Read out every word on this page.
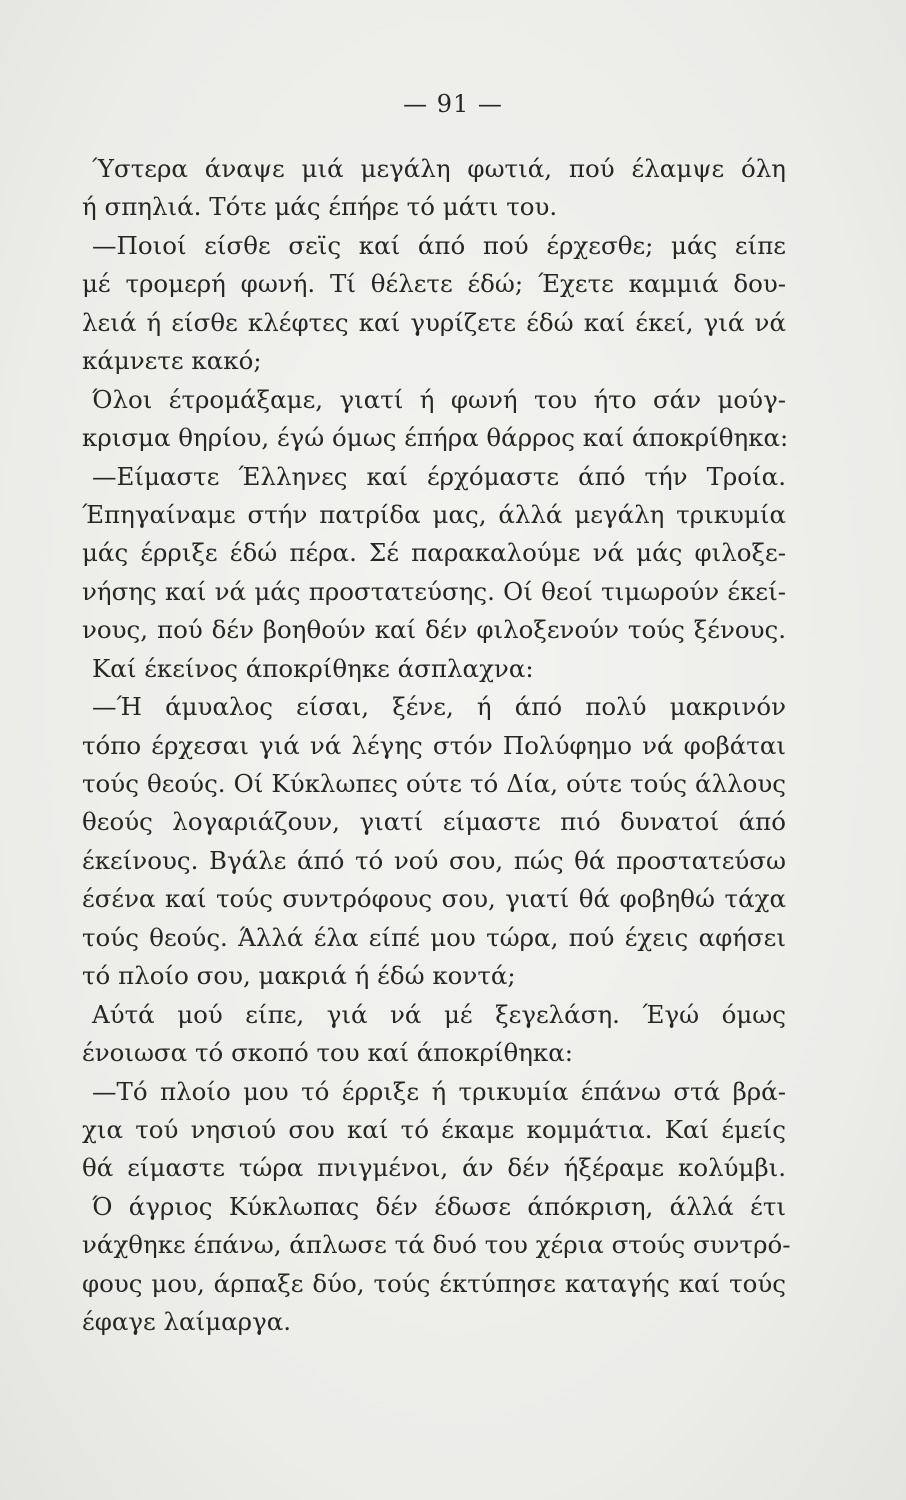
— 91 —
Ύστερα άναψε μιά μεγάλη φωτιά, πού έλαμψε όλη
ή σπηλιά. Τότε μάς έπήρε τό μάτι του.
—Ποιοί είσθε σεϊς καί άπό πού έρχεσθε; μάς είπε
μέ τρομερή φωνή. Τί θέλετε έδώ; Έχετε καμμιά δου-
λειά ή είσθε κλέφτες καί γυρίζετε έδώ καί έκεί, γιά νά
κάμνετε κακό;
Όλοι έτρομάξαμε, γιατί ή φωνή του ήτο σάν μούγ-
κρισμα θηρίου, έγώ όμως έπήρα θάρρος καί άποκρίθηκα:
—Είμαστε Έλληνες καί έρχόμαστε άπό τήν Τροία.
Έπηγαίναμε στήν πατρίδα μας, άλλά μεγάλη τρικυμία
μάς έρριξε έδώ πέρα. Σέ παρακαλούμε νά μάς φιλοξε-
νήσης καί νά μάς προστατεύσης. Οί θεοί τιμωρούν έκεί-
νους, πού δέν βοηθούν καί δέν φιλοξενούν τούς ξένους.
Καί έκείνος άποκρίθηκε άσπλαχνα:
—Ή άμυαλος είσαι, ξένε, ή άπό πολύ μακρινόν
τόπο έρχεσαι γιά νά λέγης στόν Πολύφημο νά φοβάται
τούς θεούς. Οί Κύκλωπες ούτε τό Δία, ούτε τούς άλλους
θεούς λογαριάζουν, γιατί είμαστε πιό δυνατοί άπό
έκείνους. Βγάλε άπό τό νού σου, πώς θά προστατεύσω
έσένα καί τούς συντρόφους σου, γιατί θά φοβηθώ τάχα
τούς θεούς. Άλλά έλα είπέ μου τώρα, πού έχεις αφήσει
τό πλοίο σου, μακριά ή έδώ κοντά;
Αύτά μού είπε, γιά νά μέ ξεγελάση. Έγώ όμως
ένοιωσα τό σκοπό του καί άποκρίθηκα:
—Τό πλοίο μου τό έρριξε ή τρικυμία έπάνω στά βρά-
χια τού νησιού σου καί τό έκαμε κομμάτια. Καί έμείς
θά είμαστε τώρα πνιγμένοι, άν δέν ήξέραμε κολύμβι.
Ό άγριος Κύκλωπας δέν έδωσε άπόκριση, άλλά έτι
νάχθηκε έπάνω, άπλωσε τά δυό του χέρια στούς συντρό-
φους μου, άρπαξε δύο, τούς έκτύπησε καταγής καί τούς
έφαγε λαίμαργα.
